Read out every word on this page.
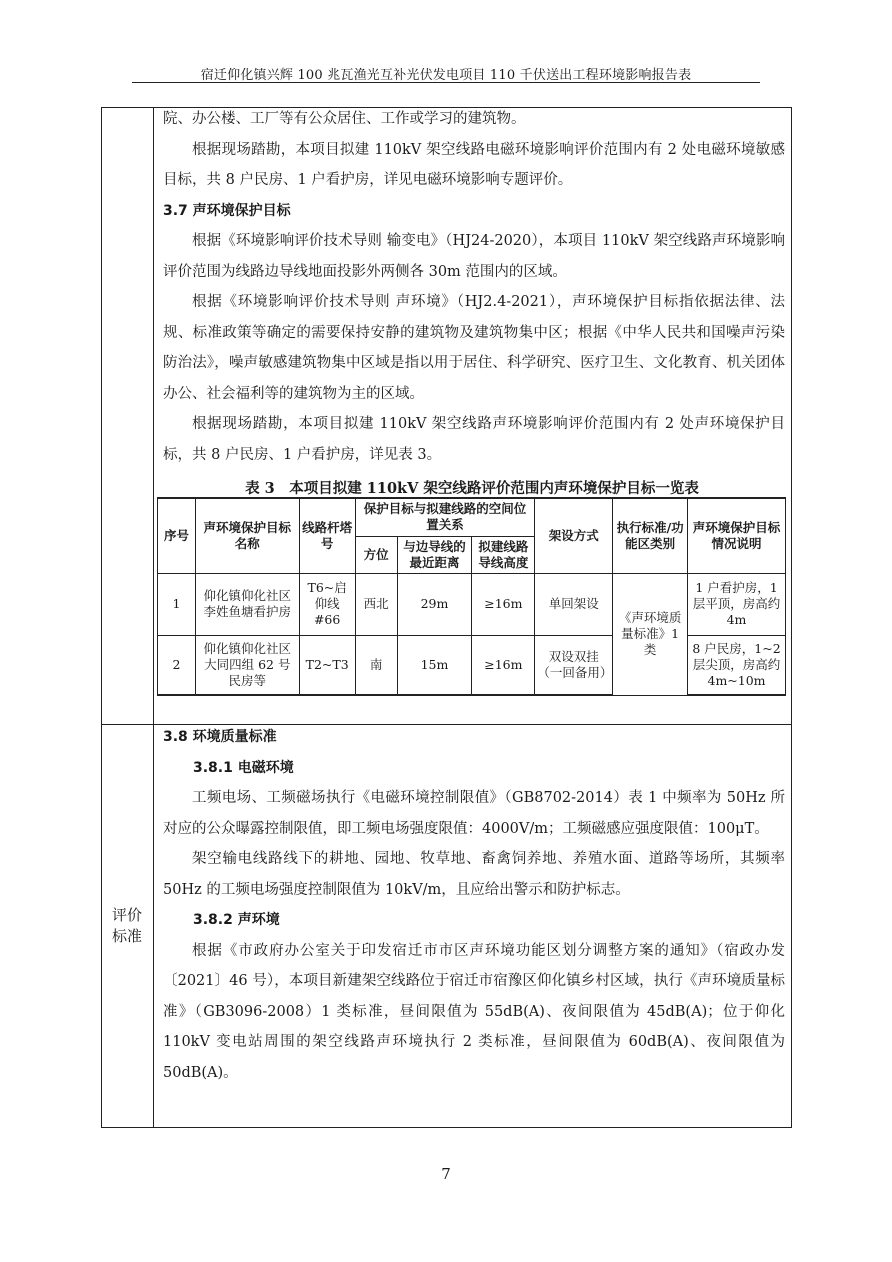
宿迁仰化镇兴辉 100 兆瓦渔光互补光伏发电项目 110 千伏送出工程环境影响报告表

院、办公楼、工厂等有公众居住、工作或学习的建筑物。

根据现场踏勘，本项目拟建 110kV 架空线路电磁环境影响评价范围内有 2 处电磁环境敏感目标，共 8 户民房、1 户看护房，详见电磁环境影响专题评价。

3.7 声环境保护目标

根据《环境影响评价技术导则 输变电》（HJ24-2020），本项目 110kV 架空线路声环境影响评价范围为线路边导线地面投影外两侧各 30m 范围内的区域。

根据《环境影响评价技术导则 声环境》（HJ2.4-2021），声环境保护目标指依据法律、法规、标准政策等确定的需要保持安静的建筑物及建筑物集中区；根据《中华人民共和国噪声污染防治法》，噪声敏感建筑物集中区域是指以用于居住、科学研究、医疗卫生、文化教育、机关团体办公、社会福利等的建筑物为主的区域。

根据现场踏勘，本项目拟建 110kV 架空线路声环境影响评价范围内有 2 处声环境保护目标，共 8 户民房、1 户看护房，详见表 3。

表 3　本项目拟建 110kV 架空线路评价范围内声环境保护目标一览表
序号	声环境保护目标名称	线路杆塔号	保护目标与拟建线路的空间位置关系			架设方式	执行标准/功能区类别	声环境保护目标情况说明
			方位	与边导线的最近距离	拟建线路导线高度			
1	仰化镇仰化社区李姓鱼塘看护房	T6~启仰线#66	西北	29m	≥16m	单回架设	《声环境质量标准》1 类	1 户看护房，1 层平顶，房高约 4m
2	仰化镇仰化社区大同四组 62 号民房等	T2~T3	南	15m	≥16m	双设双挂（一回备用）		8 户民房，1~2 层尖顶，房高约 4m~10m
评价
标准

3.8 环境质量标准

3.8.1 电磁环境

工频电场、工频磁场执行《电磁环境控制限值》（GB8702-2014）表 1 中频率为 50Hz 所对应的公众曝露控制限值，即工频电场强度限值：4000V/m；工频磁感应强度限值：100μT。

架空输电线路线下的耕地、园地、牧草地、畜禽饲养地、养殖水面、道路等场所，其频率 50Hz 的工频电场强度控制限值为 10kV/m，且应给出警示和防护标志。

3.8.2 声环境

根据《市政府办公室关于印发宿迁市市区声环境功能区划分调整方案的通知》（宿政办发〔2021〕46 号），本项目新建架空线路位于宿迁市宿豫区仰化镇乡村区域，执行《声环境质量标准》（GB3096-2008）1 类标准，昼间限值为 55dB(A)、夜间限值为 45dB(A)；位于仰化 110kV 变电站周围的架空线路声环境执行 2 类标准，昼间限值为 60dB(A)、夜间限值为 50dB(A)。

7
